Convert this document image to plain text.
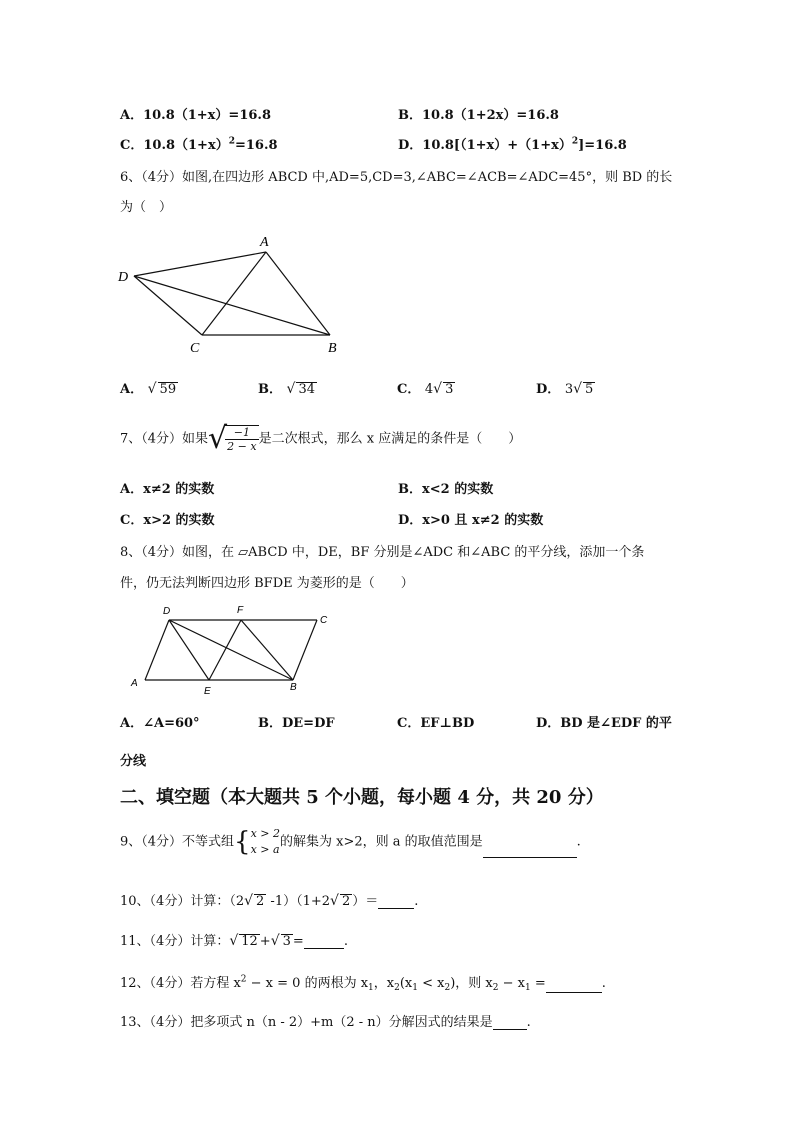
A．10.8（1+x）=16.8	B．10.8（1+2x）=16.8
C．$10.8(1+x)^2=16.8$	D．$10.8[(1+x)+(1+x)^2]=16.8$
6、（4分）如图,在四边形 ABCD 中,AD=5,CD=3,∠ABC=∠ACB=∠ADC=45°，则 BD 的长
为（　）
A
D
C	B
A． √ 59	B． √ 34	C． 4√ 3	D． 3√ 5
7、（4分）如果√
$\frac{-1}{2 - x}$ 是二次根式，那么 x 应满足的条件是（　　）
A．x≠2 的实数	B．x<2 的实数
C．x>2 的实数	D．x>0 且 x≠2 的实数
8、（4分）如图，在 ▱ABCD 中，DE，BF 分别是∠ADC 和∠ABC 的平分线，添加一个条
件，仍无法判断四边形 BFDE 为菱形的是（　　）
D	F
C
A
E	B
A．∠A=60°	B．DE=DF	C．EF⊥BD	D．BD 是∠EDF 的平
分线
二、填空题（本大题共 5 个小题，每小题 4 分，共 20 分）
9、（4分）不等式组{ x > 2
x > a 的解集为 x>2，则 a 的取值范围是	.
10、（4分）计算：（2√ 2 -1）（1+2√ 2 ）＝	.
11、（4分）计算：√ 12 +√ 3 =	.
12、（4分）若方程 $x^2 - x = 0$ 的两根为 $x_1$，$x_2(x_1 < x_2)$，则 $x_2 - x_1$ =	.
13、（4分）把多项式 n（n - 2）+m（2 - n）分解因式的结果是	.
